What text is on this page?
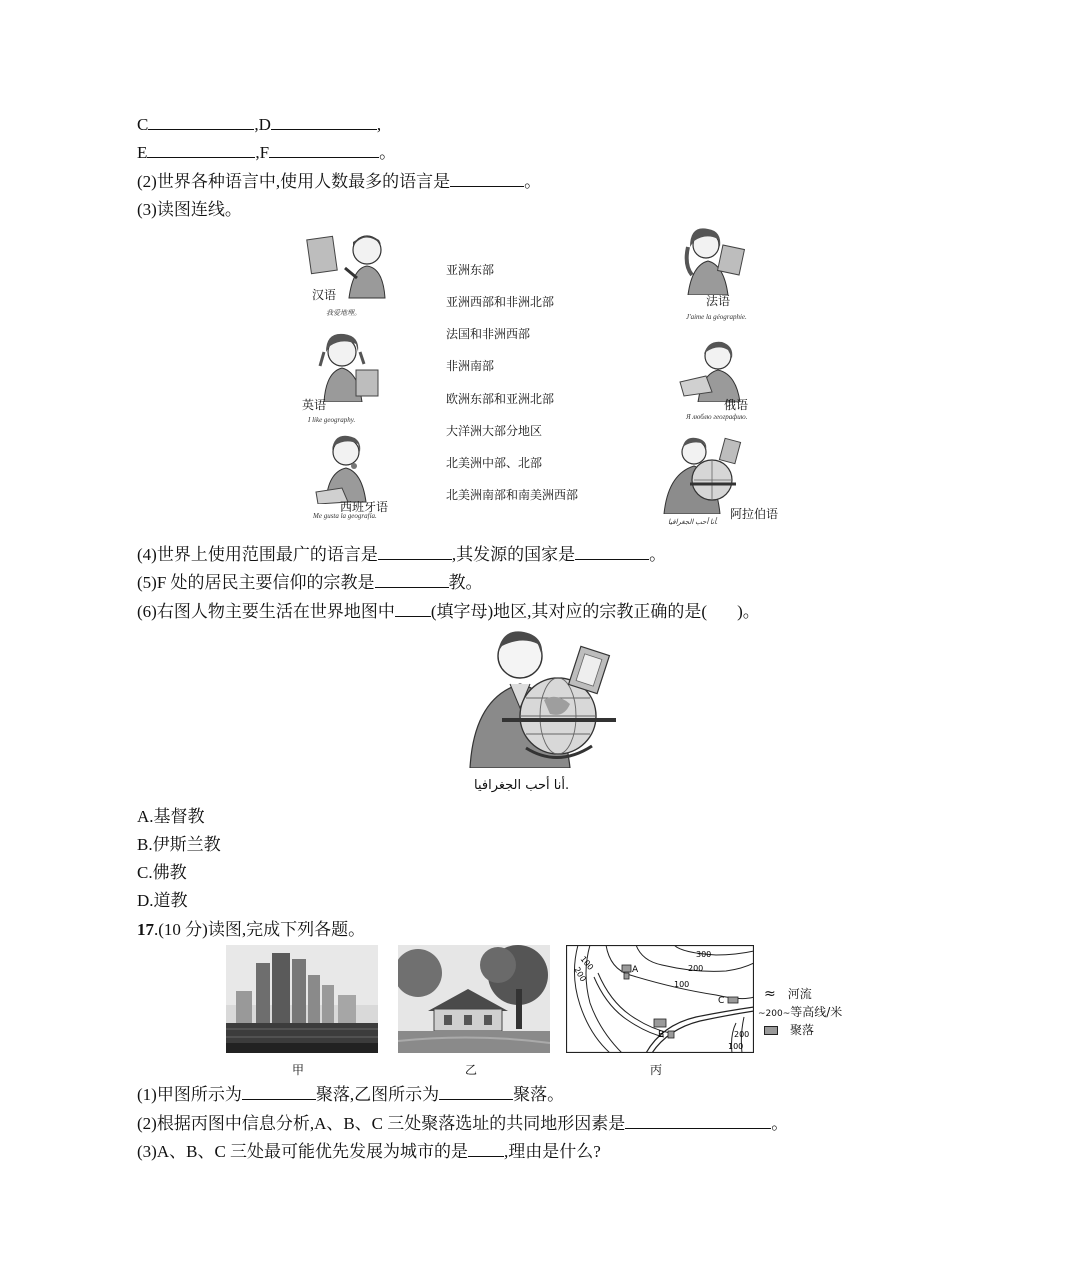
C	,D	,
E	,F	。
(2)世界各种语言中,使用人数最多的语言是	。
(3)读图连线。
汉语
我爱地理。
英语
I like geography.
西班牙语
Me gusta la geografía.
亚洲东部
亚洲西部和非洲北部
法国和非洲西部
非洲南部
欧洲东部和亚洲北部
大洋洲大部分地区
北美洲中部、北部
北美洲南部和南美洲西部
法语
J'aime la géographie.
俄语
Я люблю географию.
阿拉伯语
أنا أحب الجغرافيا.
(4)世界上使用范围最广的语言是	,其发源的国家是	。
(5)F 处的居民主要信仰的宗教是	教。
(6)右图人物主要生活在世界地图中 (填字母)地区,其对应的宗教正确的是( )。
أنا أحب الجغرافيا.
A.基督教
B.伊斯兰教
C.佛教
D.道教
17.(10 分)读图,完成下列各题。
300
200
100
200
100
100
200	A
B
C	≈ 河流
~200~等高线/米
聚落
甲	乙	丙
(1)甲图所示为	聚落,乙图所示为	聚落。
(2)根据丙图中信息分析,A、B、C 三处聚落选址的共同地形因素是	。
(3)A、B、C 三处最可能优先发展为城市的是 ,理由是什么?
